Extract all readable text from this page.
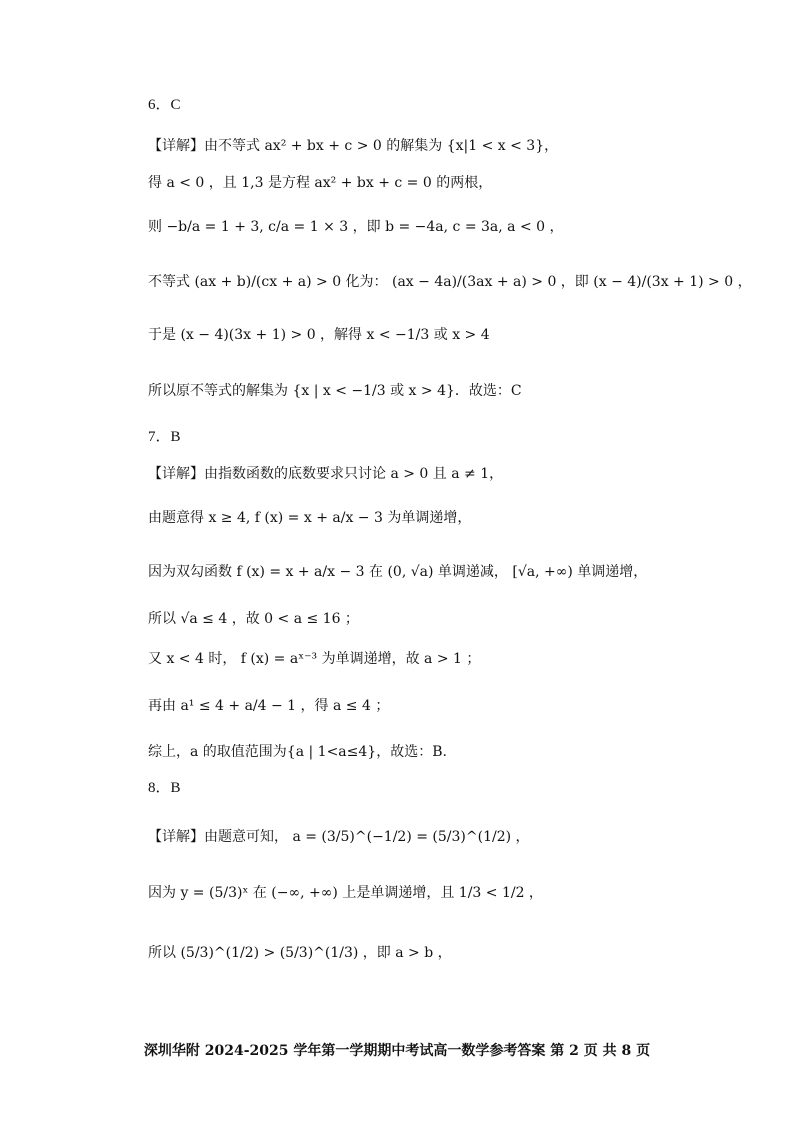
6．C
【详解】由不等式 ax² + bx + c > 0 的解集为 {x|1 < x < 3}，
得 a < 0 ，且 1,3 是方程 ax² + bx + c = 0 的两根，
则 −b/a = 1 + 3, c/a = 1 × 3 ，即 b = −4a, c = 3a, a < 0 ，
不等式 (ax + b)/(cx + a) > 0 化为： (ax − 4a)/(3ax + a) > 0 ，即 (x − 4)/(3x + 1) > 0 ，
于是 (x − 4)(3x + 1) > 0 ，解得 x < −1/3 或 x > 4
所以原不等式的解集为 {x | x < −1/3 或 x > 4}．故选：C
7．B
【详解】由指数函数的底数要求只讨论 a > 0 且 a ≠ 1，
由题意得 x ≥ 4, f (x) = x + a/x − 3 为单调递增，
因为双勾函数 f (x) = x + a/x − 3 在 (0, √a) 单调递减， [√a, +∞) 单调递增，
所以 √a ≤ 4 ，故 0 < a ≤ 16 ；
又 x < 4 时， f (x) = aˣ⁻³ 为单调递增，故 a > 1 ；
再由 a¹ ≤ 4 + a/4 − 1 ，得 a ≤ 4 ；
综上，a 的取值范围为{a | 1<a≤4}，故选：B.
8．B
【详解】由题意可知， a = (3/5)^(−1/2) = (5/3)^(1/2) ，
因为 y = (5/3)ˣ 在 (−∞, +∞) 上是单调递增，且 1/3 < 1/2 ，
所以 (5/3)^(1/2) > (5/3)^(1/3) ，即 a > b ，
深圳华附 2024-2025 学年第一学期期中考试高一数学参考答案 第 2 页 共 8 页
